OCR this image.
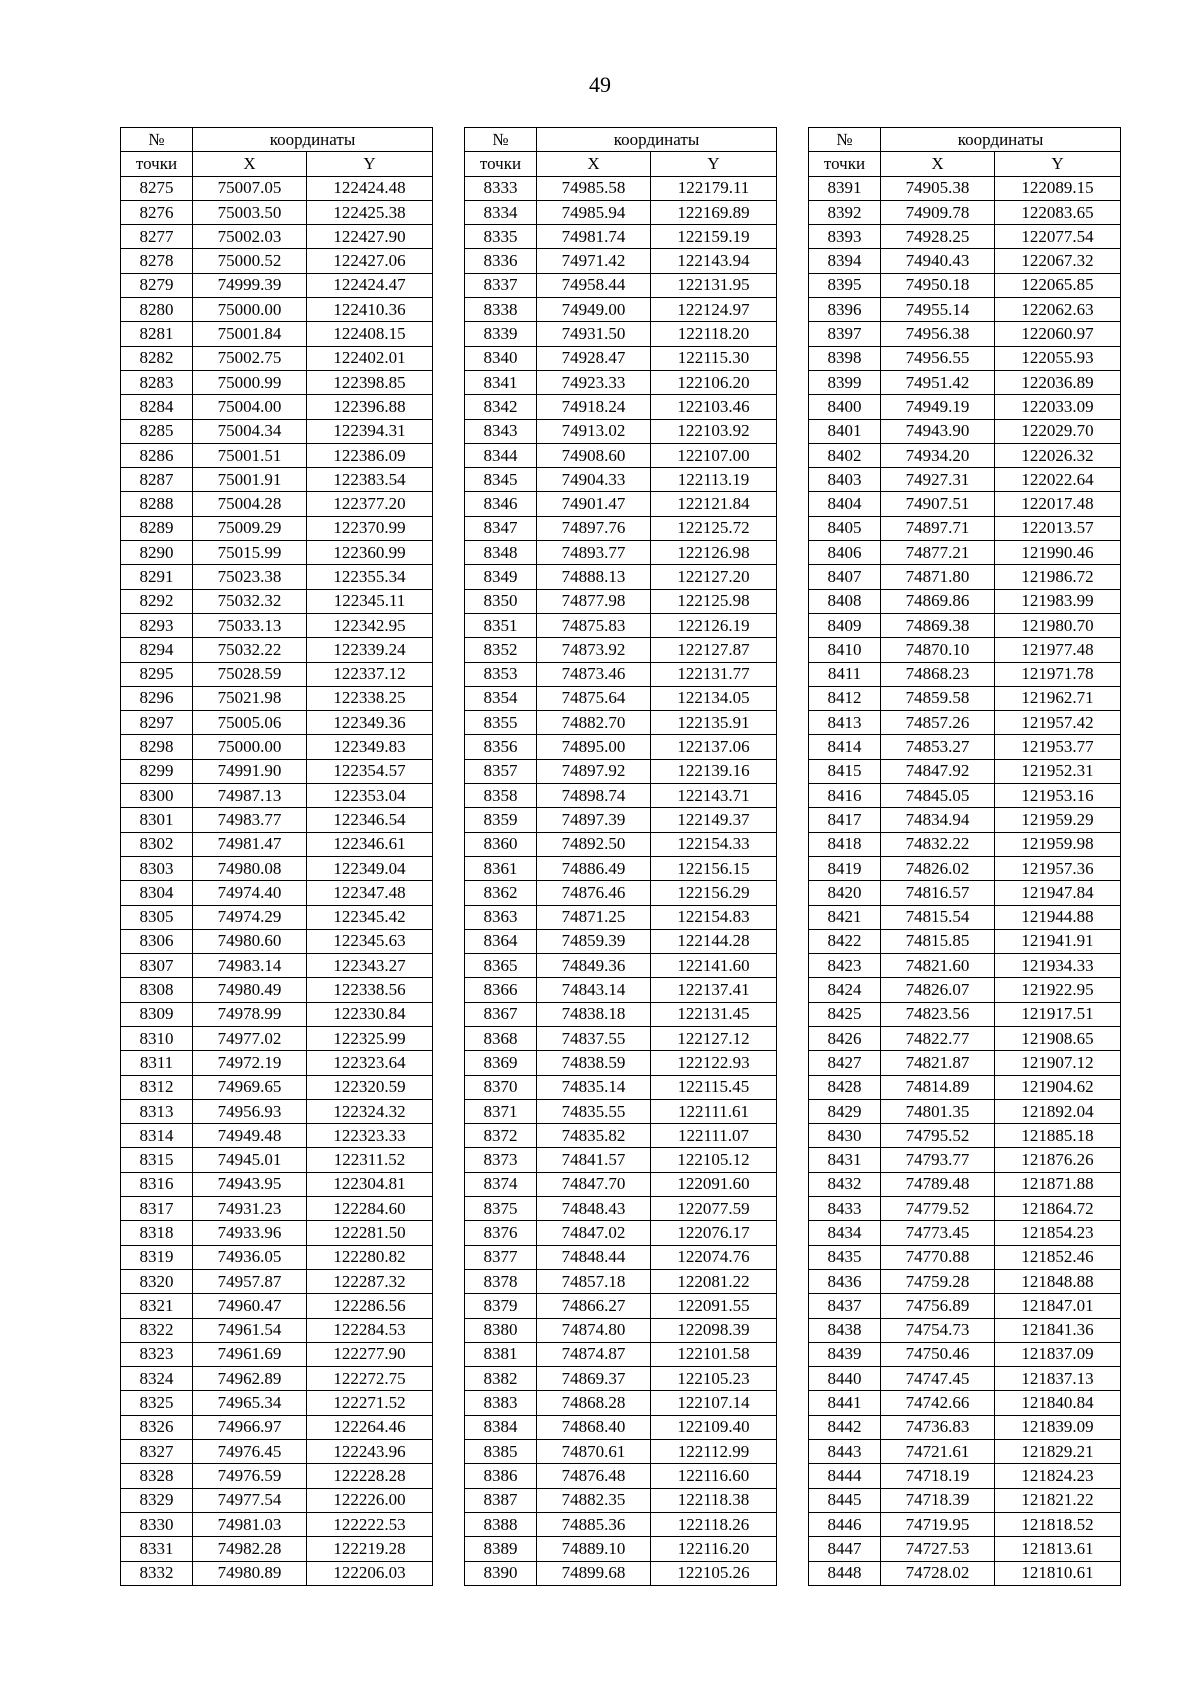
49
№	координаты	
точки	X	Y
8275	75007.05	122424.48
8276	75003.50	122425.38
8277	75002.03	122427.90
8278	75000.52	122427.06
8279	74999.39	122424.47
8280	75000.00	122410.36
8281	75001.84	122408.15
8282	75002.75	122402.01
8283	75000.99	122398.85
8284	75004.00	122396.88
8285	75004.34	122394.31
8286	75001.51	122386.09
8287	75001.91	122383.54
8288	75004.28	122377.20
8289	75009.29	122370.99
8290	75015.99	122360.99
8291	75023.38	122355.34
8292	75032.32	122345.11
8293	75033.13	122342.95
8294	75032.22	122339.24
8295	75028.59	122337.12
8296	75021.98	122338.25
8297	75005.06	122349.36
8298	75000.00	122349.83
8299	74991.90	122354.57
8300	74987.13	122353.04
8301	74983.77	122346.54
8302	74981.47	122346.61
8303	74980.08	122349.04
8304	74974.40	122347.48
8305	74974.29	122345.42
8306	74980.60	122345.63
8307	74983.14	122343.27
8308	74980.49	122338.56
8309	74978.99	122330.84
8310	74977.02	122325.99
8311	74972.19	122323.64
8312	74969.65	122320.59
8313	74956.93	122324.32
8314	74949.48	122323.33
8315	74945.01	122311.52
8316	74943.95	122304.81
8317	74931.23	122284.60
8318	74933.96	122281.50
8319	74936.05	122280.82
8320	74957.87	122287.32
8321	74960.47	122286.56
8322	74961.54	122284.53
8323	74961.69	122277.90
8324	74962.89	122272.75
8325	74965.34	122271.52
8326	74966.97	122264.46
8327	74976.45	122243.96
8328	74976.59	122228.28
8329	74977.54	122226.00
8330	74981.03	122222.53
8331	74982.28	122219.28
8332	74980.89	122206.03
№	координаты	
точки	X	Y
8333	74985.58	122179.11
8334	74985.94	122169.89
8335	74981.74	122159.19
8336	74971.42	122143.94
8337	74958.44	122131.95
8338	74949.00	122124.97
8339	74931.50	122118.20
8340	74928.47	122115.30
8341	74923.33	122106.20
8342	74918.24	122103.46
8343	74913.02	122103.92
8344	74908.60	122107.00
8345	74904.33	122113.19
8346	74901.47	122121.84
8347	74897.76	122125.72
8348	74893.77	122126.98
8349	74888.13	122127.20
8350	74877.98	122125.98
8351	74875.83	122126.19
8352	74873.92	122127.87
8353	74873.46	122131.77
8354	74875.64	122134.05
8355	74882.70	122135.91
8356	74895.00	122137.06
8357	74897.92	122139.16
8358	74898.74	122143.71
8359	74897.39	122149.37
8360	74892.50	122154.33
8361	74886.49	122156.15
8362	74876.46	122156.29
8363	74871.25	122154.83
8364	74859.39	122144.28
8365	74849.36	122141.60
8366	74843.14	122137.41
8367	74838.18	122131.45
8368	74837.55	122127.12
8369	74838.59	122122.93
8370	74835.14	122115.45
8371	74835.55	122111.61
8372	74835.82	122111.07
8373	74841.57	122105.12
8374	74847.70	122091.60
8375	74848.43	122077.59
8376	74847.02	122076.17
8377	74848.44	122074.76
8378	74857.18	122081.22
8379	74866.27	122091.55
8380	74874.80	122098.39
8381	74874.87	122101.58
8382	74869.37	122105.23
8383	74868.28	122107.14
8384	74868.40	122109.40
8385	74870.61	122112.99
8386	74876.48	122116.60
8387	74882.35	122118.38
8388	74885.36	122118.26
8389	74889.10	122116.20
8390	74899.68	122105.26
№	координаты	
точки	X	Y
8391	74905.38	122089.15
8392	74909.78	122083.65
8393	74928.25	122077.54
8394	74940.43	122067.32
8395	74950.18	122065.85
8396	74955.14	122062.63
8397	74956.38	122060.97
8398	74956.55	122055.93
8399	74951.42	122036.89
8400	74949.19	122033.09
8401	74943.90	122029.70
8402	74934.20	122026.32
8403	74927.31	122022.64
8404	74907.51	122017.48
8405	74897.71	122013.57
8406	74877.21	121990.46
8407	74871.80	121986.72
8408	74869.86	121983.99
8409	74869.38	121980.70
8410	74870.10	121977.48
8411	74868.23	121971.78
8412	74859.58	121962.71
8413	74857.26	121957.42
8414	74853.27	121953.77
8415	74847.92	121952.31
8416	74845.05	121953.16
8417	74834.94	121959.29
8418	74832.22	121959.98
8419	74826.02	121957.36
8420	74816.57	121947.84
8421	74815.54	121944.88
8422	74815.85	121941.91
8423	74821.60	121934.33
8424	74826.07	121922.95
8425	74823.56	121917.51
8426	74822.77	121908.65
8427	74821.87	121907.12
8428	74814.89	121904.62
8429	74801.35	121892.04
8430	74795.52	121885.18
8431	74793.77	121876.26
8432	74789.48	121871.88
8433	74779.52	121864.72
8434	74773.45	121854.23
8435	74770.88	121852.46
8436	74759.28	121848.88
8437	74756.89	121847.01
8438	74754.73	121841.36
8439	74750.46	121837.09
8440	74747.45	121837.13
8441	74742.66	121840.84
8442	74736.83	121839.09
8443	74721.61	121829.21
8444	74718.19	121824.23
8445	74718.39	121821.22
8446	74719.95	121818.52
8447	74727.53	121813.61
8448	74728.02	121810.61
